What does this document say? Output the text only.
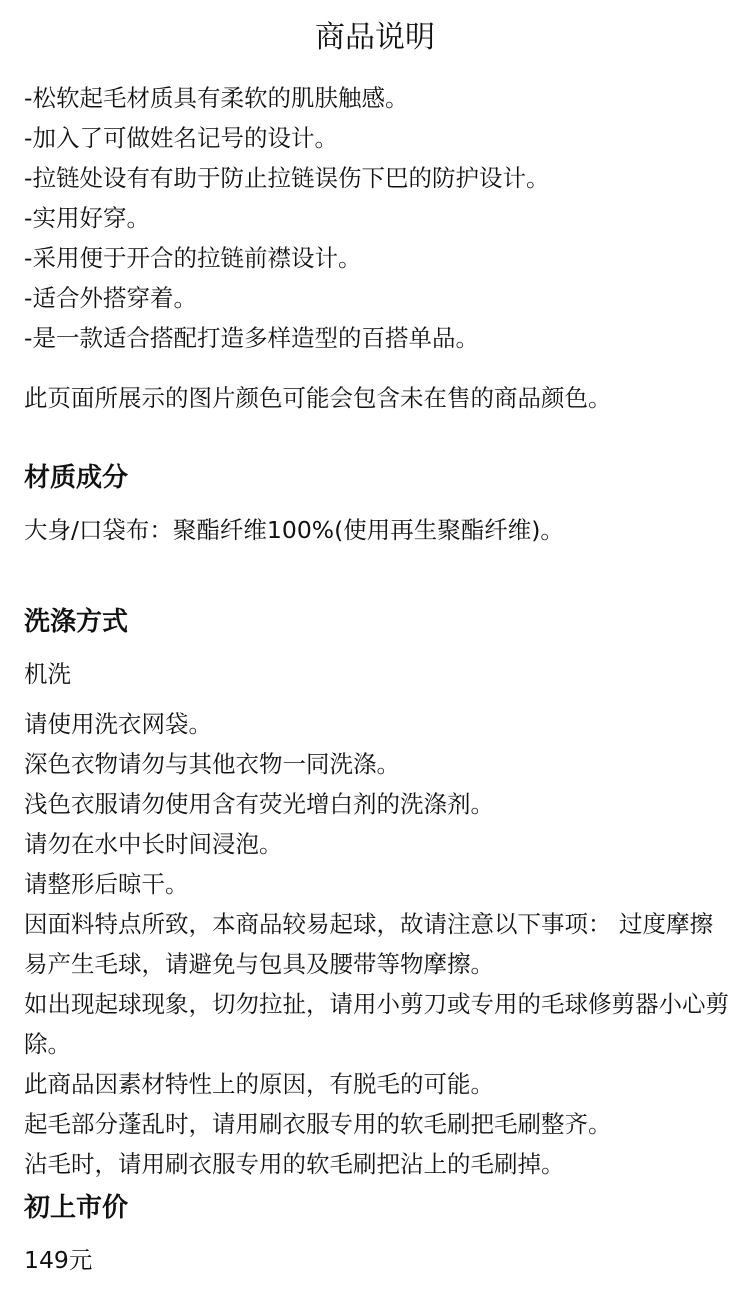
商品说明
-松软起毛材质具有柔软的肌肤触感。
-加入了可做姓名记号的设计。
-拉链处设有有助于防止拉链误伤下巴的防护设计。
-实用好穿。
-采用便于开合的拉链前襟设计。
-适合外搭穿着。
-是一款适合搭配打造多样造型的百搭单品。
此页面所展示的图片颜色可能会包含未在售的商品颜色。
材质成分
大身/口袋布：聚酯纤维100%(使用再生聚酯纤维)。
洗涤方式
机洗
请使用洗衣网袋。
深色衣物请勿与其他衣物一同洗涤。
浅色衣服请勿使用含有荧光增白剂的洗涤剂。
请勿在水中长时间浸泡。
请整形后晾干。
因面料特点所致，本商品较易起球，故请注意以下事项： 过度摩擦易产生毛球，请避免与包具及腰带等物摩擦。
如出现起球现象，切勿拉扯，请用小剪刀或专用的毛球修剪器小心剪除。
此商品因素材特性上的原因，有脱毛的可能。
起毛部分蓬乱时，请用刷衣服专用的软毛刷把毛刷整齐。
沾毛时，请用刷衣服专用的软毛刷把沾上的毛刷掉。
初上市价
149元
